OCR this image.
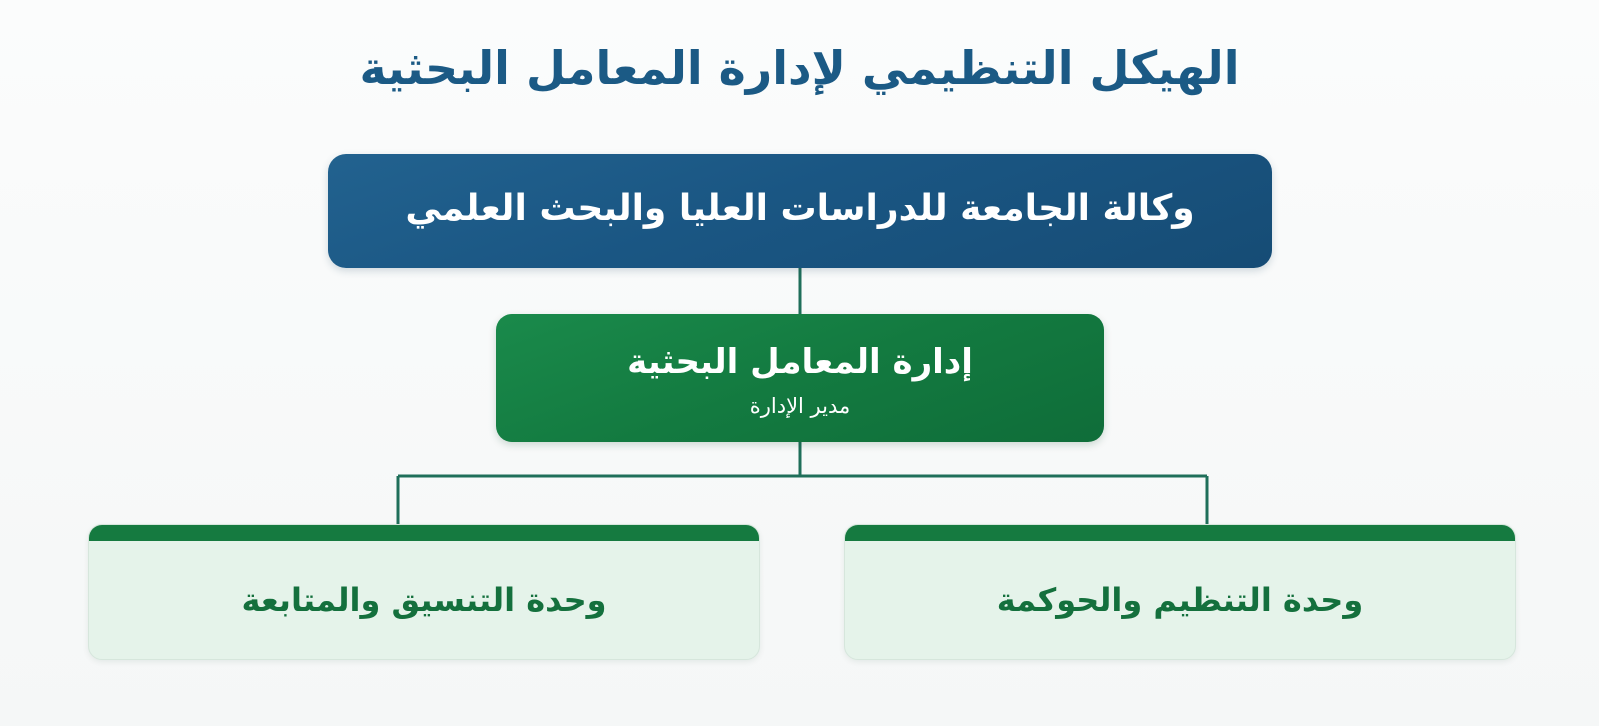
الهيكل التنظيمي لإدارة المعامل البحثية
وكالة الجامعة للدراسات العليا والبحث العلمي
إدارة المعامل البحثية
مدير الإدارة
وحدة التنسيق والمتابعة	وحدة التنظيم والحوكمة
